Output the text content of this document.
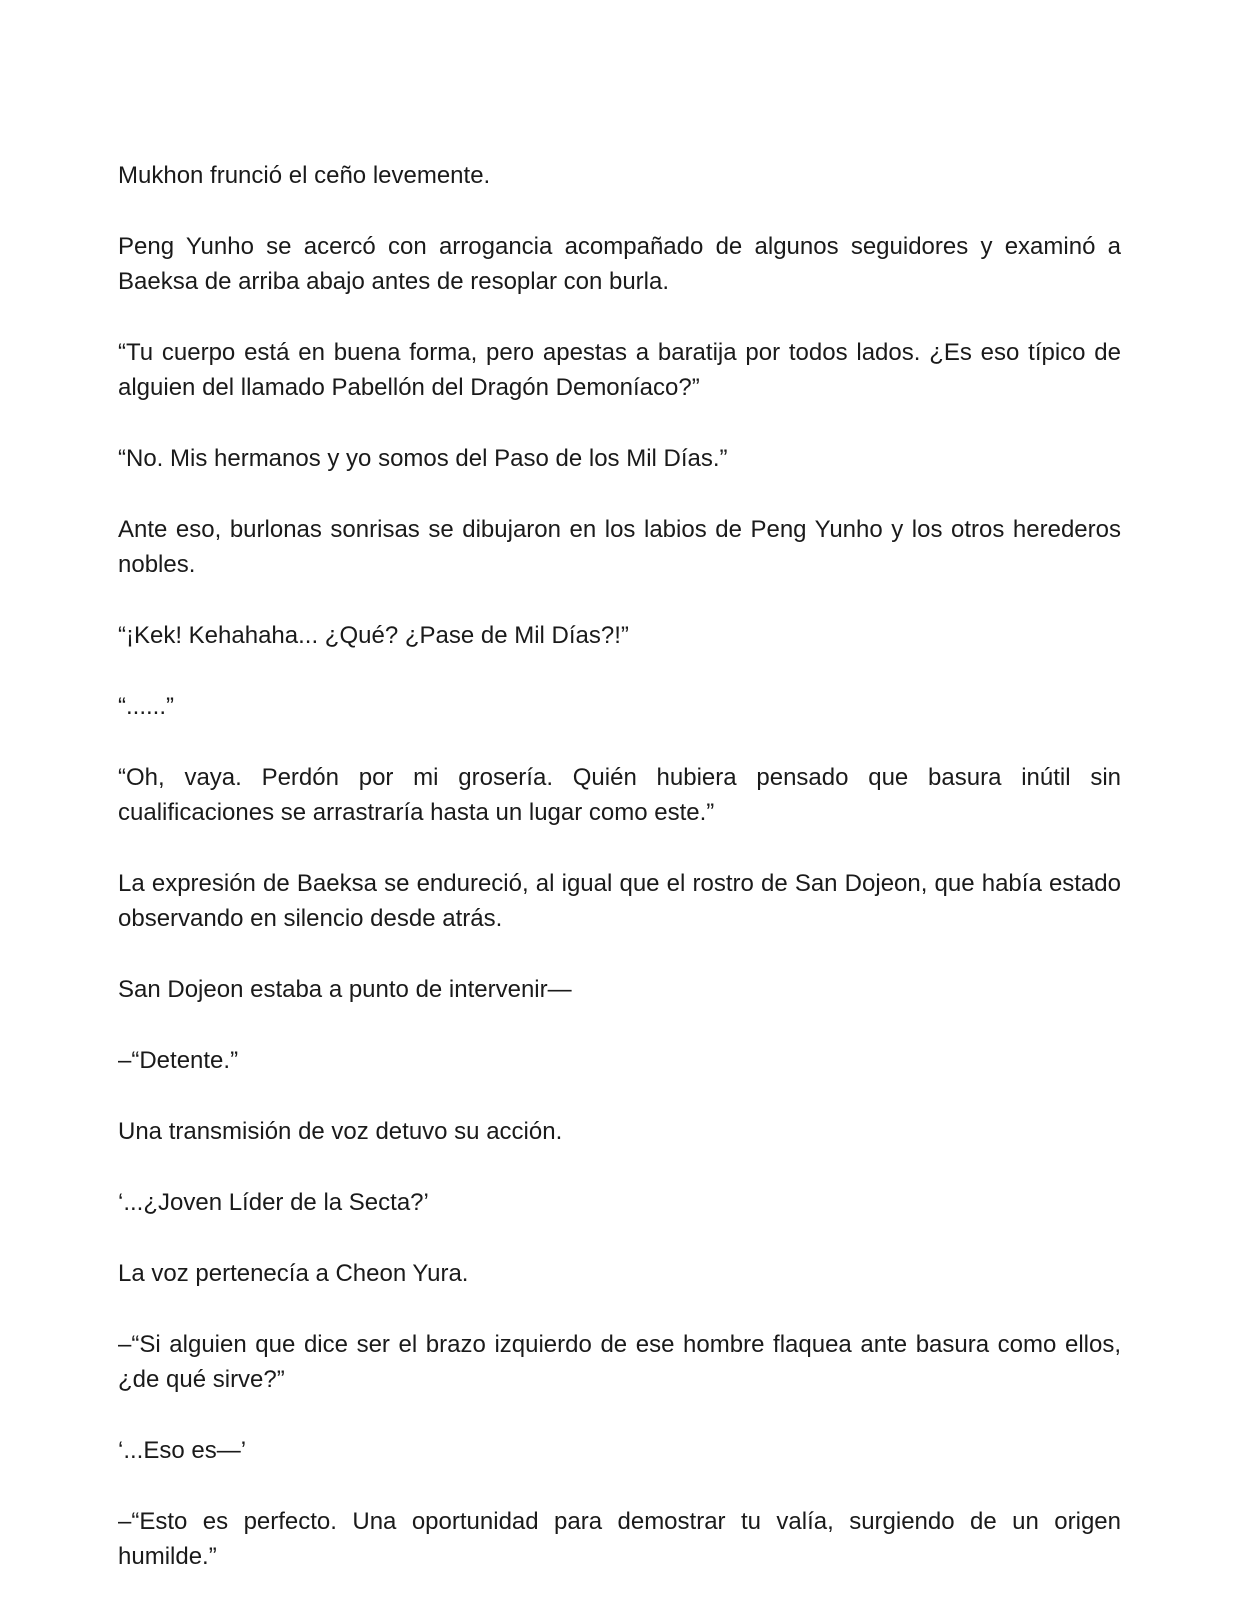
Mukhon frunció el ceño levemente.

Peng Yunho se acercó con arrogancia acompañado de algunos seguidores y examinó a Baeksa de arriba abajo antes de resoplar con burla.

“Tu cuerpo está en buena forma, pero apestas a baratija por todos lados. ¿Es eso típico de alguien del llamado Pabellón del Dragón Demoníaco?”

“No. Mis hermanos y yo somos del Paso de los Mil Días.”

Ante eso, burlonas sonrisas se dibujaron en los labios de Peng Yunho y los otros herederos nobles.

“¡Kek! Kehahaha... ¿Qué? ¿Pase de Mil Días?!”

“......”

“Oh, vaya. Perdón por mi grosería. Quién hubiera pensado que basura inútil sin cualificaciones se arrastraría hasta un lugar como este.”

La expresión de Baeksa se endureció, al igual que el rostro de San Dojeon, que había estado observando en silencio desde atrás.

San Dojeon estaba a punto de intervenir—

–“Detente.”

Una transmisión de voz detuvo su acción.

‘...¿Joven Líder de la Secta?’

La voz pertenecía a Cheon Yura.

–“Si alguien que dice ser el brazo izquierdo de ese hombre flaquea ante basura como ellos, ¿de qué sirve?”

‘...Eso es—’

–“Esto es perfecto. Una oportunidad para demostrar tu valía, surgiendo de un origen humilde.”
